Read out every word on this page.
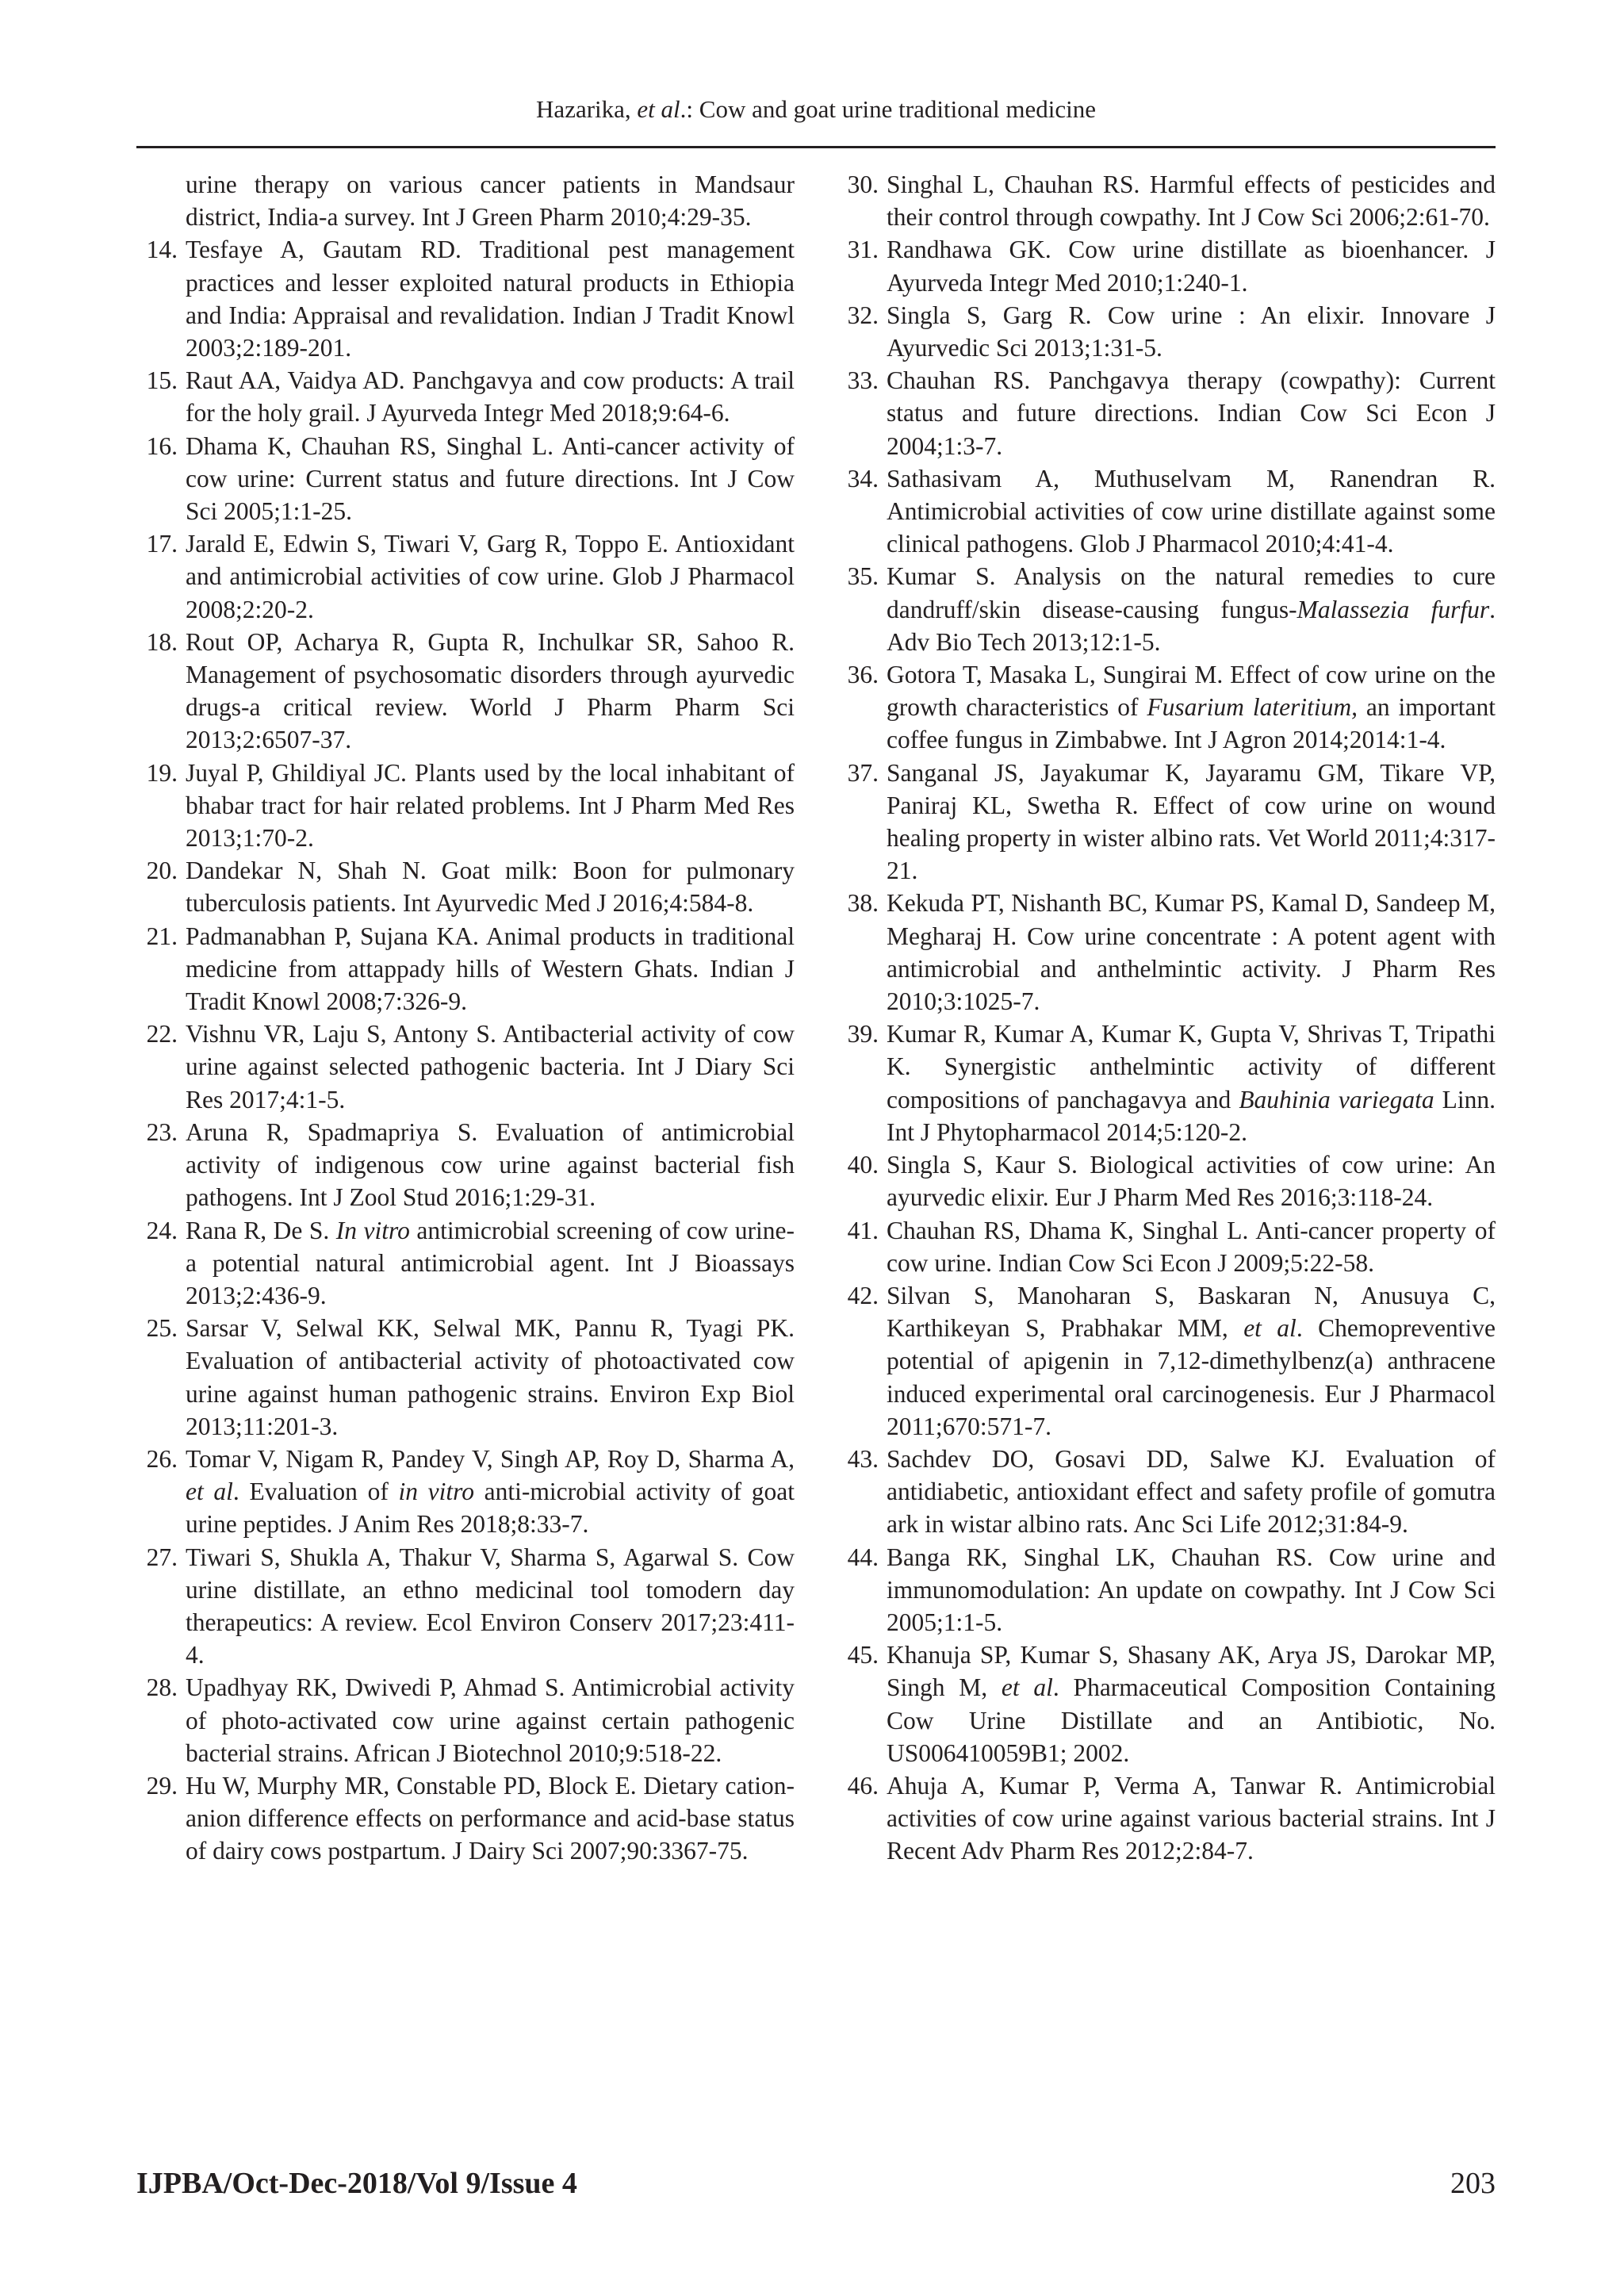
Hazarika, et al.: Cow and goat urine traditional medicine
urine therapy on various cancer patients in Mandsaur district, India-a survey. Int J Green Pharm 2010;4:29-35.
14. Tesfaye A, Gautam RD. Traditional pest management practices and lesser exploited natural products in Ethiopia and India: Appraisal and revalidation. Indian J Tradit Knowl 2003;2:189-201.
15. Raut AA, Vaidya AD. Panchgavya and cow products: A trail for the holy grail. J Ayurveda Integr Med 2018;9:64-6.
16. Dhama K, Chauhan RS, Singhal L. Anti-cancer activity of cow urine: Current status and future directions. Int J Cow Sci 2005;1:1-25.
17. Jarald E, Edwin S, Tiwari V, Garg R, Toppo E. Antioxidant and antimicrobial activities of cow urine. Glob J Pharmacol 2008;2:20-2.
18. Rout OP, Acharya R, Gupta R, Inchulkar SR, Sahoo R. Management of psychosomatic disorders through ayurvedic drugs-a critical review. World J Pharm Pharm Sci 2013;2:6507-37.
19. Juyal P, Ghildiyal JC. Plants used by the local inhabitant of bhabar tract for hair related problems. Int J Pharm Med Res 2013;1:70-2.
20. Dandekar N, Shah N. Goat milk: Boon for pulmonary tuberculosis patients. Int Ayurvedic Med J 2016;4:584-8.
21. Padmanabhan P, Sujana KA. Animal products in traditional medicine from attappady hills of Western Ghats. Indian J Tradit Knowl 2008;7:326-9.
22. Vishnu VR, Laju S, Antony S. Antibacterial activity of cow urine against selected pathogenic bacteria. Int J Diary Sci Res 2017;4:1-5.
23. Aruna R, Spadmapriya S. Evaluation of antimicrobial activity of indigenous cow urine against bacterial fish pathogens. Int J Zool Stud 2016;1:29-31.
24. Rana R, De S. In vitro antimicrobial screening of cow urine-a potential natural antimicrobial agent. Int J Bioassays 2013;2:436-9.
25. Sarsar V, Selwal KK, Selwal MK, Pannu R, Tyagi PK. Evaluation of antibacterial activity of photoactivated cow urine against human pathogenic strains. Environ Exp Biol 2013;11:201-3.
26. Tomar V, Nigam R, Pandey V, Singh AP, Roy D, Sharma A, et al. Evaluation of in vitro anti-microbial activity of goat urine peptides. J Anim Res 2018;8:33-7.
27. Tiwari S, Shukla A, Thakur V, Sharma S, Agarwal S. Cow urine distillate, an ethno medicinal tool tomodern day therapeutics: A review. Ecol Environ Conserv 2017;23:411-4.
28. Upadhyay RK, Dwivedi P, Ahmad S. Antimicrobial activity of photo-activated cow urine against certain pathogenic bacterial strains. African J Biotechnol 2010;9:518-22.
29. Hu W, Murphy MR, Constable PD, Block E. Dietary cation-anion difference effects on performance and acid-base status of dairy cows postpartum. J Dairy Sci 2007;90:3367-75.
30. Singhal L, Chauhan RS. Harmful effects of pesticides and their control through cowpathy. Int J Cow Sci 2006;2:61-70.
31. Randhawa GK. Cow urine distillate as bioenhancer. J Ayurveda Integr Med 2010;1:240-1.
32. Singla S, Garg R. Cow urine : An elixir. Innovare J Ayurvedic Sci 2013;1:31-5.
33. Chauhan RS. Panchgavya therapy (cowpathy): Current status and future directions. Indian Cow Sci Econ J 2004;1:3-7.
34. Sathasivam A, Muthuselvam M, Ranendran R. Antimicrobial activities of cow urine distillate against some clinical pathogens. Glob J Pharmacol 2010;4:41-4.
35. Kumar S. Analysis on the natural remedies to cure dandruff/skin disease-causing fungus-Malassezia furfur. Adv Bio Tech 2013;12:1-5.
36. Gotora T, Masaka L, Sungirai M. Effect of cow urine on the growth characteristics of Fusarium lateritium, an important coffee fungus in Zimbabwe. Int J Agron 2014;2014:1-4.
37. Sanganal JS, Jayakumar K, Jayaramu GM, Tikare VP, Paniraj KL, Swetha R. Effect of cow urine on wound healing property in wister albino rats. Vet World 2011;4:317-21.
38. Kekuda PT, Nishanth BC, Kumar PS, Kamal D, Sandeep M, Megharaj H. Cow urine concentrate : A potent agent with antimicrobial and anthelmintic activity. J Pharm Res 2010;3:1025-7.
39. Kumar R, Kumar A, Kumar K, Gupta V, Shrivas T, Tripathi K. Synergistic anthelmintic activity of different compositions of panchagavya and Bauhinia variegata Linn. Int J Phytopharmacol 2014;5:120-2.
40. Singla S, Kaur S. Biological activities of cow urine: An ayurvedic elixir. Eur J Pharm Med Res 2016;3:118-24.
41. Chauhan RS, Dhama K, Singhal L. Anti-cancer property of cow urine. Indian Cow Sci Econ J 2009;5:22-58.
42. Silvan S, Manoharan S, Baskaran N, Anusuya C, Karthikeyan S, Prabhakar MM, et al. Chemopreventive potential of apigenin in 7,12-dimethylbenz(a) anthracene induced experimental oral carcinogenesis. Eur J Pharmacol 2011;670:571-7.
43. Sachdev DO, Gosavi DD, Salwe KJ. Evaluation of antidiabetic, antioxidant effect and safety profile of gomutra ark in wistar albino rats. Anc Sci Life 2012;31:84-9.
44. Banga RK, Singhal LK, Chauhan RS. Cow urine and immunomodulation: An update on cowpathy. Int J Cow Sci 2005;1:1-5.
45. Khanuja SP, Kumar S, Shasany AK, Arya JS, Darokar MP, Singh M, et al. Pharmaceutical Composition Containing Cow Urine Distillate and an Antibiotic, No. US006410059B1; 2002.
46. Ahuja A, Kumar P, Verma A, Tanwar R. Antimicrobial activities of cow urine against various bacterial strains. Int J Recent Adv Pharm Res 2012;2:84-7.
IJPBA/Oct-Dec-2018/Vol 9/Issue 4	203
